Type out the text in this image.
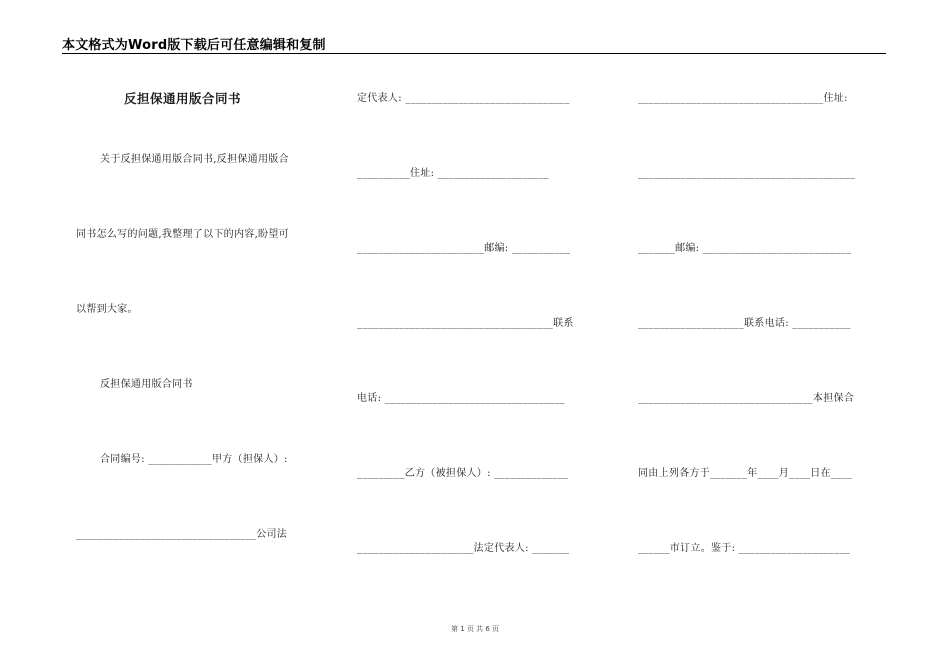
本文格式为Word版下载后可任意编辑和复制
反担保通用版合同书
关于反担保通用版合同书,反担保通用版合
同书怎么写的问题,我整理了以下的内容,盼望可
以帮到大家。
反担保通用版合同书
合同编号: ____________甲方（担保人）:
__________________________________公司法
定代表人: _______________________________
__________住址: _____________________
________________________邮编: ___________
_____________________________________联系
电话: __________________________________
_________乙方（被担保人）: ______________
______________________法定代表人: _______
___________________________________住址:
_________________________________________
_______邮编: ____________________________
____________________联系电话: ___________
_________________________________本担保合
同由上列各方于_______年____月____日在____
______市订立。鉴于: _____________________
第 1 页 共 6 页
